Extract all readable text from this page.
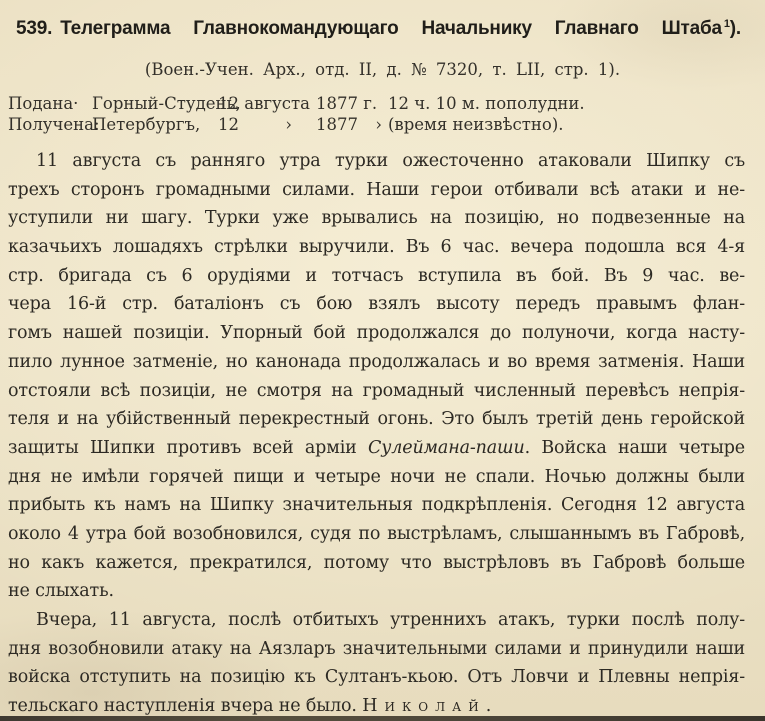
539. Телеграмма Главнокомандующаго Начальнику Главнаго Штаба $^1$).
(Воен.-Учен. Арх., отд. II, д. № 7320, т. LII, стр. 1).
Подана· Горный-Студень,
12 августа 1877 г. 12 ч. 10 м. пополудни.
Получена:
Петербургъ,	12	› 1877 › (время неизвѣстно).
11 августа съ ранняго утра турки ожесточенно атаковали Шипку съ
трехъ сторонъ громадными силами. Наши герои отбивали всѣ атаки и не-
уступили ни шагу. Турки уже врывались на позицію, но подвезенные на
казачьихъ лошадяхъ стрѣлки выручили. Въ 6 час. вечера подошла вся 4-я
стр. бригада съ 6 орудіями и тотчасъ вступила въ бой. Въ 9 час. ве-
чера 16-й стр. баталіонъ съ бою взялъ высоту передъ правымъ флан-
гомъ нашей позиціи. Упорный бой продолжался до полуночи, когда насту-
пило лунное затменіе, но канонада продолжалась и во время затменія. Наши
отстояли всѣ позиціи, не смотря на громадный численный перевѣсъ непрія-
теля и на убійственный перекрестный огонь. Это былъ третій день геройской
защиты Шипки противъ всей арміи Сулеймана-паши. Войска наши четыре
дня не имѣли горячей пищи и четыре ночи не спали. Ночью должны были
прибыть къ намъ на Шипку значительныя подкрѣпленія. Сегодня 12 августа
около 4 утра бой возобновился, судя по выстрѣламъ, слышаннымъ въ Габровѣ,
но какъ кажется, прекратился, потому что выстрѣловъ въ Габровѣ больше
не слыхать.
Вчера, 11 августа, послѣ отбитыхъ утреннихъ атакъ, турки послѣ полу-
дня возобновили атаку на Аязларъ значительными силами и принудили наши
войска отступить на позицію къ Султанъ-кьою. Отъ Ловчи и Плевны непрія-
тельскаго наступленія вчера не было. Николай.
